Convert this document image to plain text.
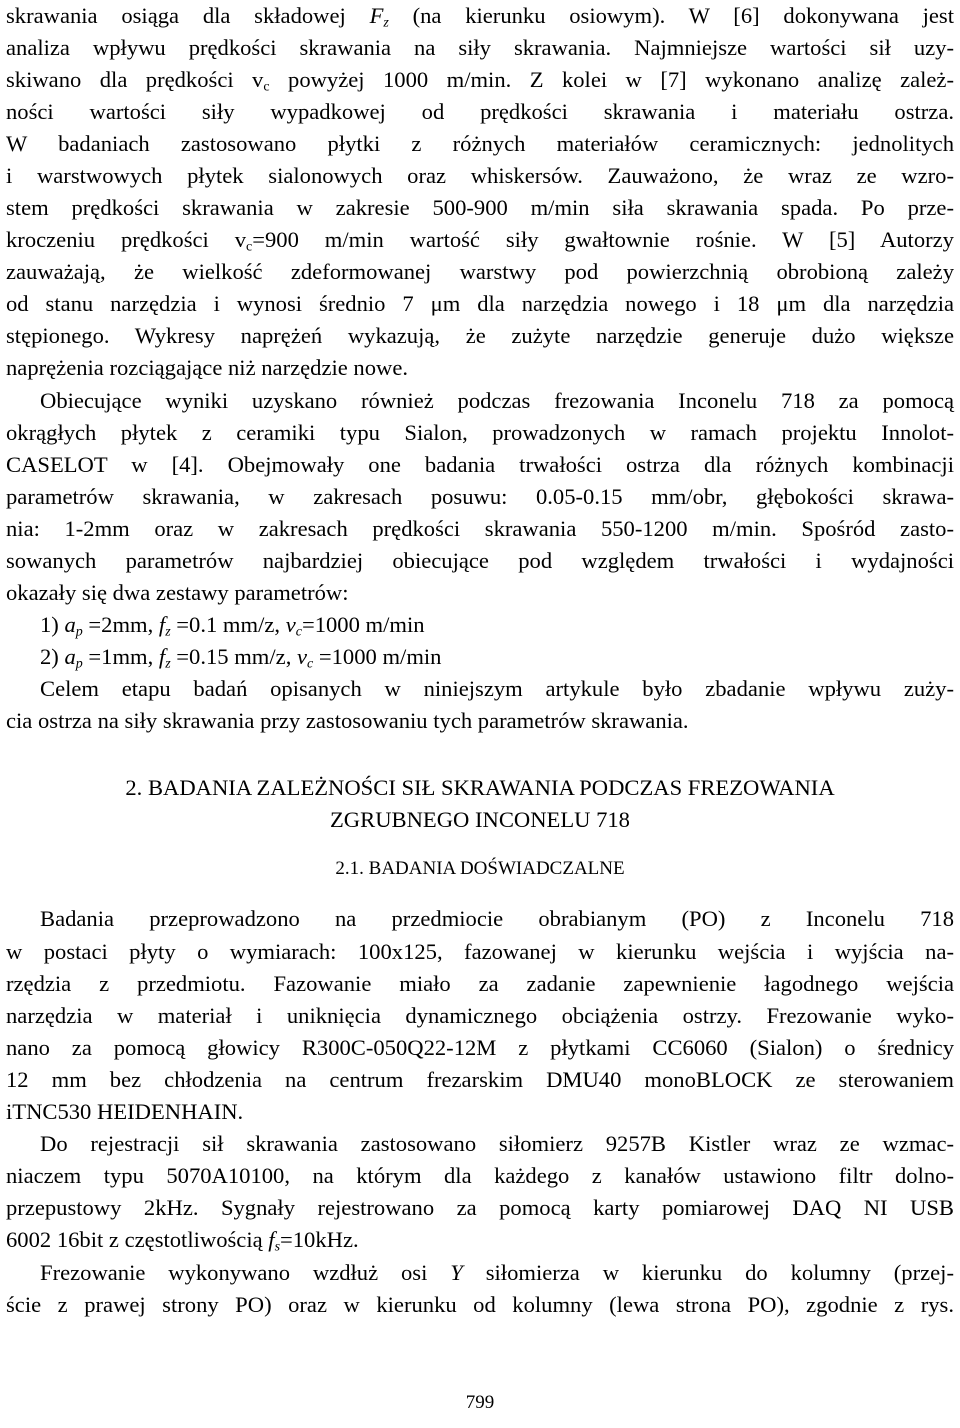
skrawania osiąga dla składowej $F_z$ (na kierunku osiowym). W [6] dokonywana jest
analiza wpływu prędkości skrawania na siły skrawania. Najmniejsze wartości sił uzy-
skiwano dla prędkości $v_c$ powyżej 1000 m/min. Z kolei w [7] wykonano analizę zależ-
ności wartości siły wypadkowej od prędkości skrawania i materiału ostrza.
W badaniach zastosowano płytki z różnych materiałów ceramicznych: jednolitych
i warstwowych płytek sialonowych oraz whiskersów. Zauważono, że wraz ze wzro-
stem prędkości skrawania w zakresie 500-900 m/min siła skrawania spada. Po prze-
kroczeniu prędkości $v_c=900$ m/min wartość siły gwałtownie rośnie. W [5] Autorzy
zauważają, że wielkość zdeformowanej warstwy pod powierzchnią obrobioną zależy
od stanu narzędzia i wynosi średnio 7 μm dla narzędzia nowego i 18 μm dla narzędzia
stępionego. Wykresy naprężeń wykazują, że zużyte narzędzie generuje dużo większe
naprężenia rozciągające niż narzędzie nowe.
Obiecujące wyniki uzyskano również podczas frezowania Inconelu 718 za pomocą
okrągłych płytek z ceramiki typu Sialon, prowadzonych w ramach projektu Innolot-
CASELOT w [4]. Obejmowały one badania trwałości ostrza dla różnych kombinacji
parametrów skrawania, w zakresach posuwu: 0.05-0.15 mm/obr, głębokości skrawa-
nia: 1-2mm oraz w zakresach prędkości skrawania 550-1200 m/min. Spośród zasto-
sowanych parametrów najbardziej obiecujące pod względem trwałości i wydajności
okazały się dwa zestawy parametrów:
1) $a_p =2mm$, $f_z =0.1$ mm/z, $v_c=1000$ m/min
2) $a_p =1mm$, $f_z =0.15$ mm/z, $v_c =1000$ m/min
Celem etapu badań opisanych w niniejszym artykule było zbadanie wpływu zuży-
cia ostrza na siły skrawania przy zastosowaniu tych parametrów skrawania.
2. BADANIA ZALEŻNOŚCI SIŁ SKRAWANIA PODCZAS FREZOWANIA
ZGRUBNEGO INCONELU 718
2.1. BADANIA DOŚWIADCZALNE
Badania przeprowadzono na przedmiocie obrabianym (PO) z Inconelu 718
w postaci płyty o wymiarach: 100x125, fazowanej w kierunku wejścia i wyjścia na-
rzędzia z przedmiotu. Fazowanie miało za zadanie zapewnienie łagodnego wejścia
narzędzia w materiał i uniknięcia dynamicznego obciążenia ostrzy. Frezowanie wyko-
nano za pomocą głowicy R300C-050Q22-12M z płytkami CC6060 (Sialon) o średnicy
12 mm bez chłodzenia na centrum frezarskim DMU40 monoBLOCK ze sterowaniem
iTNC530 HEIDENHAIN.
Do rejestracji sił skrawania zastosowano siłomierz 9257B Kistler wraz ze wzmac-
niaczem typu 5070A10100, na którym dla każdego z kanałów ustawiono filtr dolno-
przepustowy 2kHz. Sygnały rejestrowano za pomocą karty pomiarowej DAQ NI USB
6002 16bit z częstotliwością $f_s=10kHz$.
Frezowanie wykonywano wzdłuż osi Y siłomierza w kierunku do kolumny (przej-
ście z prawej strony PO) oraz w kierunku od kolumny (lewa strona PO), zgodnie z rys.
799
